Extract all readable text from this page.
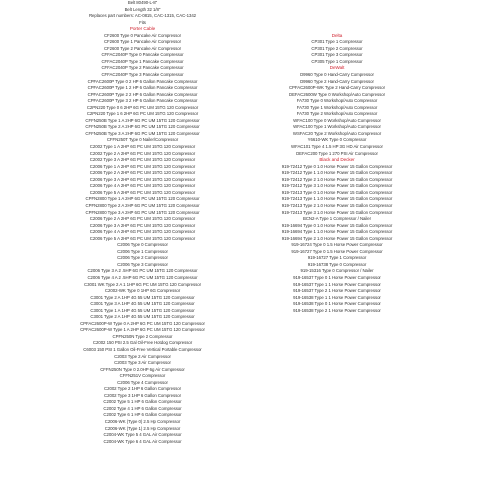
Belt 80490-L-8"
Belt Length 32 1/8"
Replaces part numbers: AC-0815, CAC-1315, CAC-1342
Fits
Porter Cable
CF2600 Type 0 Pancake Air Compressor
CF2600 Type 1 Pancake Air Compressor
CF2600 Type 2 Pancake Air Compressor
CFFAC2040P Type 0 Pancake Compressor
CFFAC2040P Type 1 Pancake Compressor
CFFAC2040P Type 2 Pancake Compressor
CFFAC2040P Type 3 Pancake Compressor
CPFAC2600P Type 0 2 HP 6 Gallon Pancake Compressor
CPFAC2600P Type 1 2 HP 6 Gallon Pancake Compressor
CPFAC2600P Type 2 2 HP 6 Gallon Pancake Compressor
CPFAC2600P Type 3 2 HP 6 Gallon Pancake Compressor
C2PN220 Type 0 6 2HP 6G PC UM 15TG 120 Compressor
C2PN220 Type 1 6 2HP 6G PC UM 15TG 120 Compressor
CFFN250B Type 1 A 2HP 6G PC UM 15TG 120 Compressor
CFFN250B Type 2 A 2HP 6G PC UM 15TG 120 Compressor
CFFN250B Type 3 A 2HP 6G PC UM 15TG 120 Compressor
CFFN250T Type 0 Nailer/Compressor
C2002 Type 1 A 2HP 6G PC UM 15TG 120 Compressor
C2002 Type 2 A 2HP 6G PC UM 15TG 120 Compressor
C2002 Type 3 A 2HP 6G PC UM 15TG 120 Compressor
C2006 Type 1 A 2HP 6G PC UM 15TG 120 Compressor
C2006 Type 2 A 2HP 6G PC UM 15TG 120 Compressor
C2006 Type 3 A 2HP 6G PC UM 15TG 120 Compressor
C2006 Type 4 A 2HP 6G PC UM 15TG 120 Compressor
C2006 Type 5 A 2HP 6G PC UM 15TG 120 Compressor
CPFN2800 Type 1 A 2HP 6G PC UM 15TG 120 Compressor
CPFN2800 Type 2 A 2HP 6G PC UM 15TG 120 Compressor
CPFN2800 Type 3 A 2HP 6G PC UM 15TG 120 Compressor
C2006 Type 2 A 2HP 6G PC UM 15TG 120 Compressor
C2006 Type 3 A 2HP 6G PC UM 15TG 120 Compressor
C2006 Type 4 A 2HP 6G PC UM 15TG 120 Compressor
C2006 Type 5 A 2HP 6G PC UM 15TG 120 Compressor
C2006 Type 0 Compressor
C2006 Type 1 Compressor
C2006 Type 2 Compressor
C2006 Type 3 Compressor
C2006 Type 3 A 2 .5HP 6G PC UM 15TG 120 Compressor
C2006 Type 4 A 2 .5HP 6G PC UM 15TG 120 Compressor
C3001 WK Type 2 A 1 1HP 6G PC UM 15TG 120 Compressor
C2002-WK Type 0 1HP 6G Compressor
C3001 Type 2 A 1HP 4G 55 UM 15TG 120 Compressor
C3001 Type 3 A 1HP 4G 55 UM 15TG 120 Compressor
C3001 Type 1 A 1HP 4G 55 UM 15TG 120 Compressor
C3001 Type 2 A 1HP 4G 55 UM 15TG 120 Compressor
CPFAC2600P-W Type 0 A 2HP 6G PC UM 15TG 120 Compressor
CPFAC2600P-W Type 1 A 2HP 6G PC UM 15TG 120 Compressor
CPFN250N Type 2 Compressor
C2002 150 PSI 2.5 Gal Oil-Free Hotdog Compressor
C6003 150 PSI 1 Gallon Oil-Free Vertical Portable Compressor
C2003 Type 2 Air Compressor
C2003 Type 3 Air Compressor
CFFN250N Type 0 2.0HP 6g Air Compressor
CFFN251V Compressor
C2006 Type 4 Compressor
C2002 Type 2 1HP 6 Gallon Compressor
C2002 Type 3 1HP 6 Gallon Compressor
C2002 Type 5 1 HP 6 Gallon Compressor
C2002 Type 4 1 HP 6 Gallon Compressor
C2002 Type 6 1 HP 6 Gallon Compressor
C2006-WK (Type 0) 2.5 Hp Compressor
C2006-WK (Type 1) 2.5 Hp Compressor
C2004-WK Type 5 4 GAL Air Compressor
C2004-WK Type 6 4 GAL Air Compressor
Delta
CP301 Type 1 Compressor
CP301 Type 2 Compressor
CP301 Type 3 Compressor
CP305 Type 1 Compressor
DeWalt
D9960 Type 0 Hand-Carry Compressor
D9960 Type 2 Hand-Carry Compressor
CPFAC2600P-WK Type 2 Hand-Carry Compressor
DEFAC2600W Type 0 Workshop/Auto Compressor
FA730 Type 0 Workshop/Auto Compressor
FA730 Type 1 Workshop/Auto Compressor
FA730 Type 2 Workshop/Auto Compressor
WFAC100 Type 0 Workshop/Auto Compressor
WFAC100 Type 1 Workshop/Auto Compressor
WSFAC20 Type 2 Workshop/Auto Compressor
Y6610-WK Type 0 Compressor
WFAC101 Type 4 1.5 HP 3G HD Air Compressor
DEFAC200 Type 1 270 PSI Air Compressor
Black and Decker
919-72412 Type 0 1.0 Horse Power 15 Gallon Compressor
919-72412 Type 1 1.0 Horse Power 15 Gallon Compressor
919-72412 Type 2 1.0 Horse Power 15 Gallon Compressor
919-72412 Type 3 1.0 Horse Power 15 Gallon Compressor
919-72413 Type 0 1.0 Horse Power 15 Gallon Compressor
919-72413 Type 1 1.0 Horse Power 15 Gallon Compressor
919-72413 Type 2 1.0 Horse Power 15 Gallon Compressor
919-72413 Type 3 1.0 Horse Power 15 Gallon Compressor
BCN2-A Type 1 Compressor / Nailer
919-16694 Type 0 1.0 Horse Power 15 Gallon Compressor
919-16694 Type 1 1.0 Horse Power 15 Gallon Compressor
919-16694 Type 2 1.0 Horse Power 15 Gallon Compressor
919-16724 Type 0 1.5 Horse Power Compressor
919-16727 Type 0 1.5 Horse Power Compressor
919-16727 Type 1 Compressor
919-16738 Type 0 Compressor
919-15316 Type 0 Compressor / Nailer
919-16537 Type 0 1 Horse Power Compressor
919-16537 Type 1 1 Horse Power Compressor
919-16537 Type 2 1 Horse Power Compressor
919-16538 Type 1 1 Horse Power Compressor
919-16538 Type 0 1 Horse Power Compressor
919-16538 Type 2 1 Horse Power Compressor
